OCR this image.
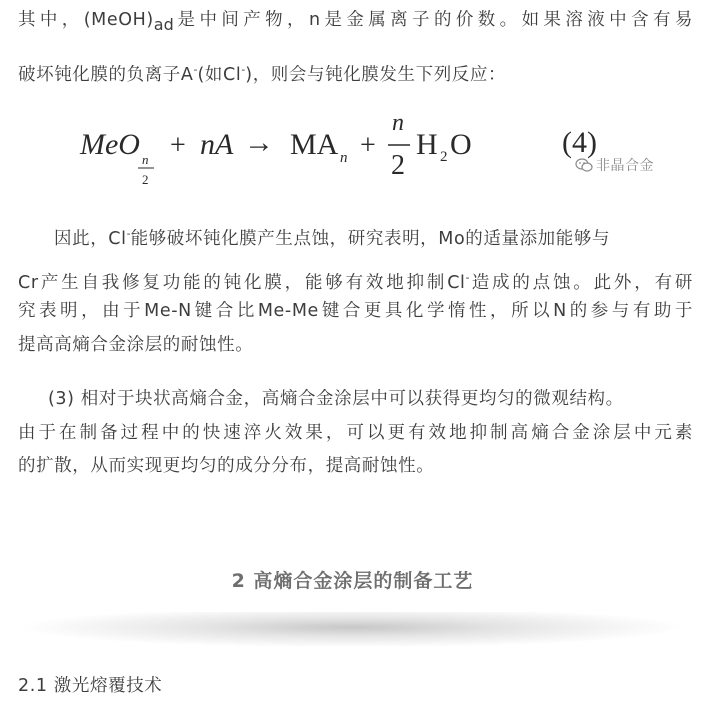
其中，$(MeOH)_{ad}$是中间产物，n是金属离子的价数。如果溶液中含有易
破坏钝化膜的负离子A-(如Cl-)，则会与钝化膜发生下列反应：
MeO n
2
+ nA → MA n +
n
2
H 2 O	(4)
非晶合金
因此，Cl-能够破坏钝化膜产生点蚀，研究表明，Mo的适量添加能够与
Cr产生自我修复功能的钝化膜，能够有效地抑制Cl-造成的点蚀。此外，有研
究表明，由于Me-N键合比Me-Me键合更具化学惰性，所以N的参与有助于
提高高熵合金涂层的耐蚀性。
(3) 相对于块状高熵合金，高熵合金涂层中可以获得更均匀的微观结构。
由于在制备过程中的快速淬火效果，可以更有效地抑制高熵合金涂层中元素
的扩散，从而实现更均匀的成分分布，提高耐蚀性。
2 高熵合金涂层的制备工艺
2.1 激光熔覆技术
